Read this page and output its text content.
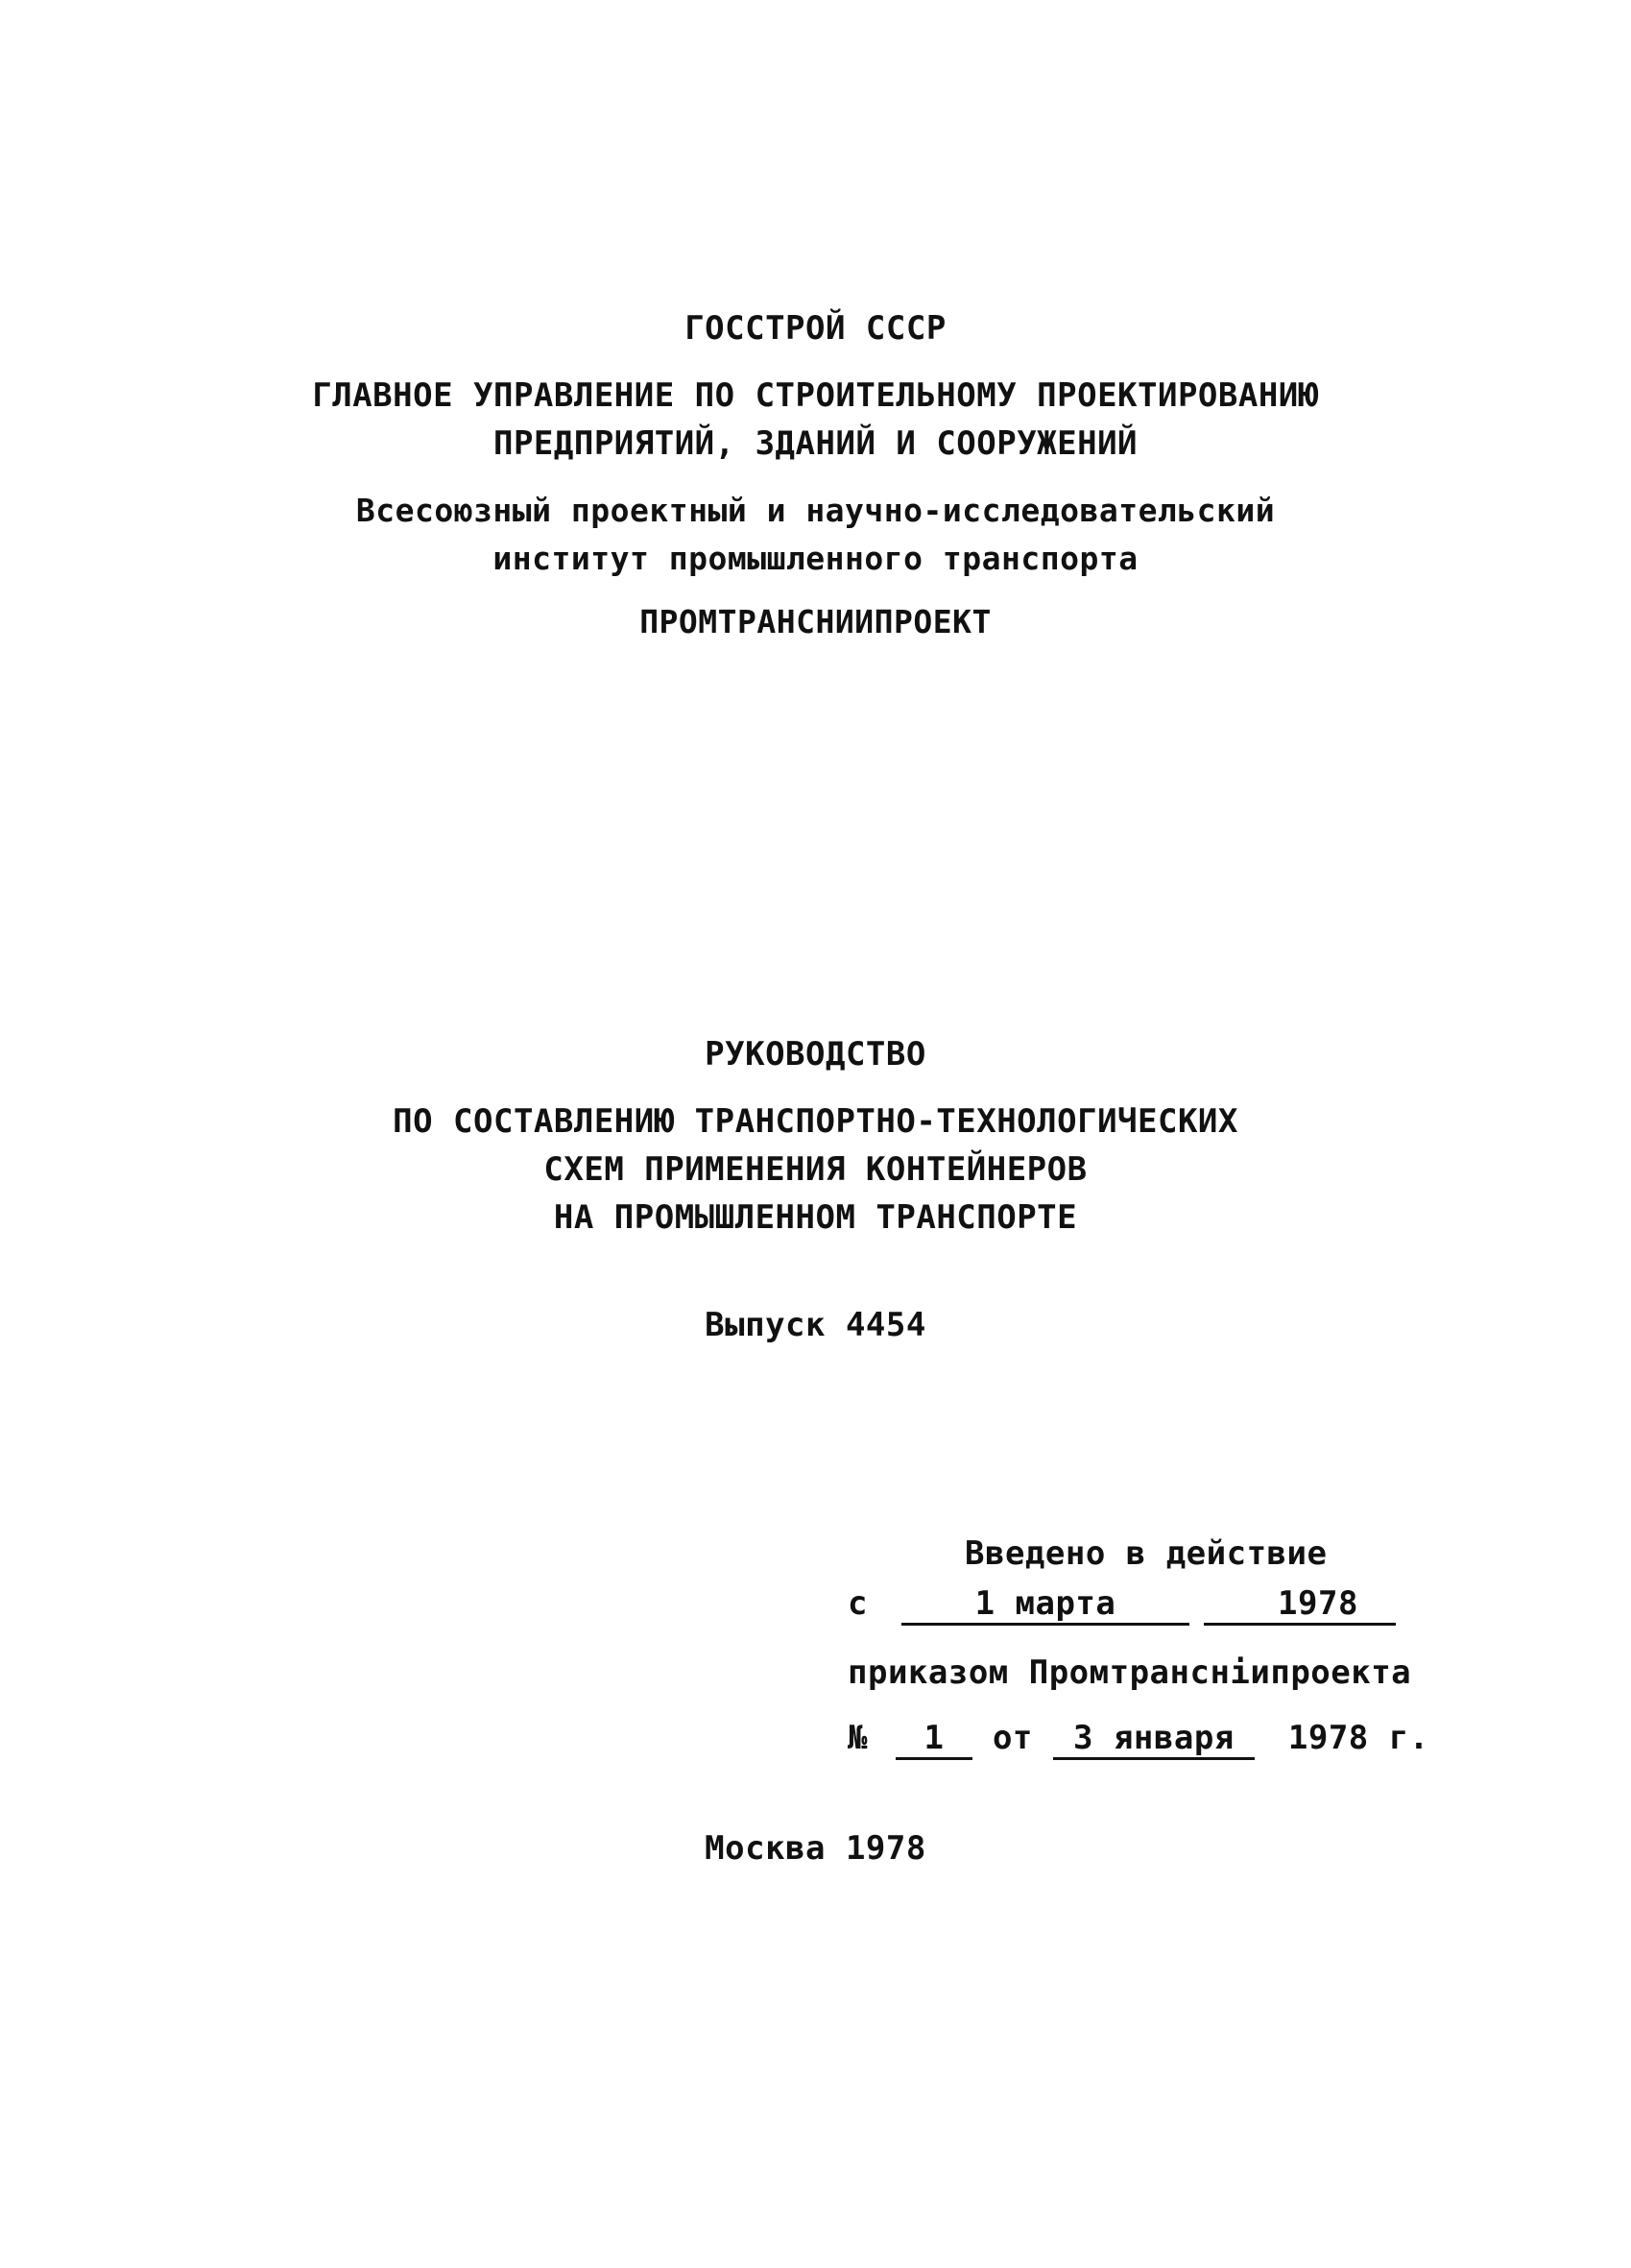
ГОССТРОЙ СССР
ГЛАВНОЕ УПРАВЛЕНИЕ ПО СТРОИТЕЛЬНОМУ ПРОЕКТИРОВАНИЮ
ПРЕДПРИЯТИЙ, ЗДАНИЙ И СООРУЖЕНИЙ
Всесоюзный проектный и научно-исследовательский
институт промышленного транспорта
ПРОМТРАНСНИИПРОЕКТ
РУКОВОДСТВО
ПО СОСТАВЛЕНИЮ ТРАНСПОРТНО-ТЕХНОЛОГИЧЕСКИХ
СХЕМ ПРИМЕНЕНИЯ КОНТЕЙНЕРОВ
НА ПРОМЫШЛЕННОМ ТРАНСПОРТЕ
Выпуск 4454
Введено в действие
с	1 марта	1978
приказом Промтранснiипроекта
№ 1 от 3 января 1978 г.
Москва 1978
